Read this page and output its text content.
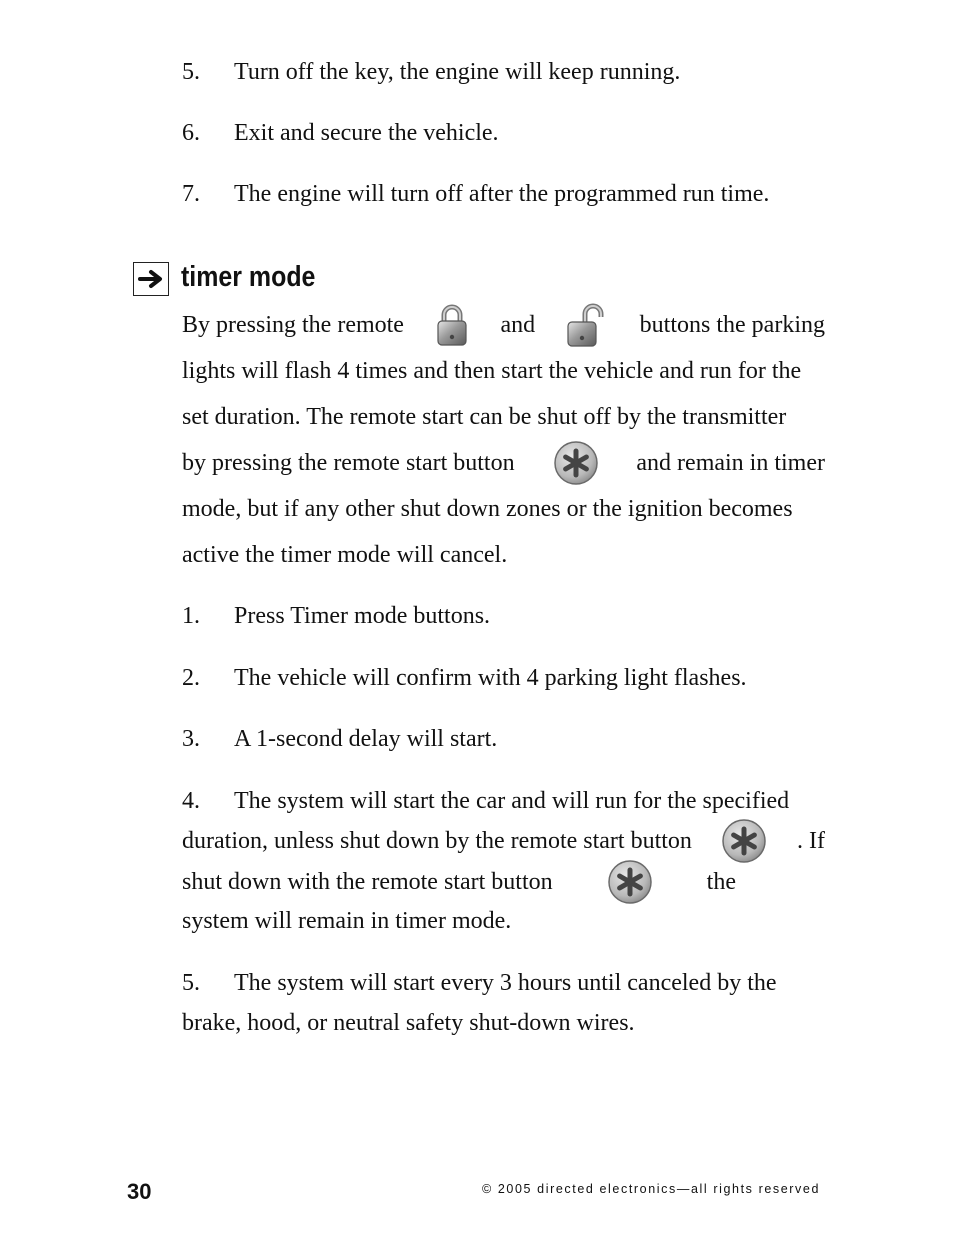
5. Turn off the key, the engine will keep running.
6. Exit and secure the vehicle.
7. The engine will turn off after the programmed run time.
timer mode
By pressing the remote	and	buttons the parking
lights will flash 4 times and then start the vehicle and run for the
set duration. The remote start can be shut off by the transmitter
by pressing the remote start button	and remain in timer
mode, but if any other shut down zones or the ignition becomes
active the timer mode will cancel.
1. Press Timer mode buttons.
2. The vehicle will confirm with 4 parking light flashes.
3. A 1-second delay will start.
4. The system will start the car and will run for the specified
duration, unless shut down by the remote start button	. If
shut down with the remote start button	the
system will remain in timer mode.
5. The system will start every 3 hours until canceled by the
brake, hood, or neutral safety shut-down wires.
30	© 2005 directed electronics—all rights reserved
